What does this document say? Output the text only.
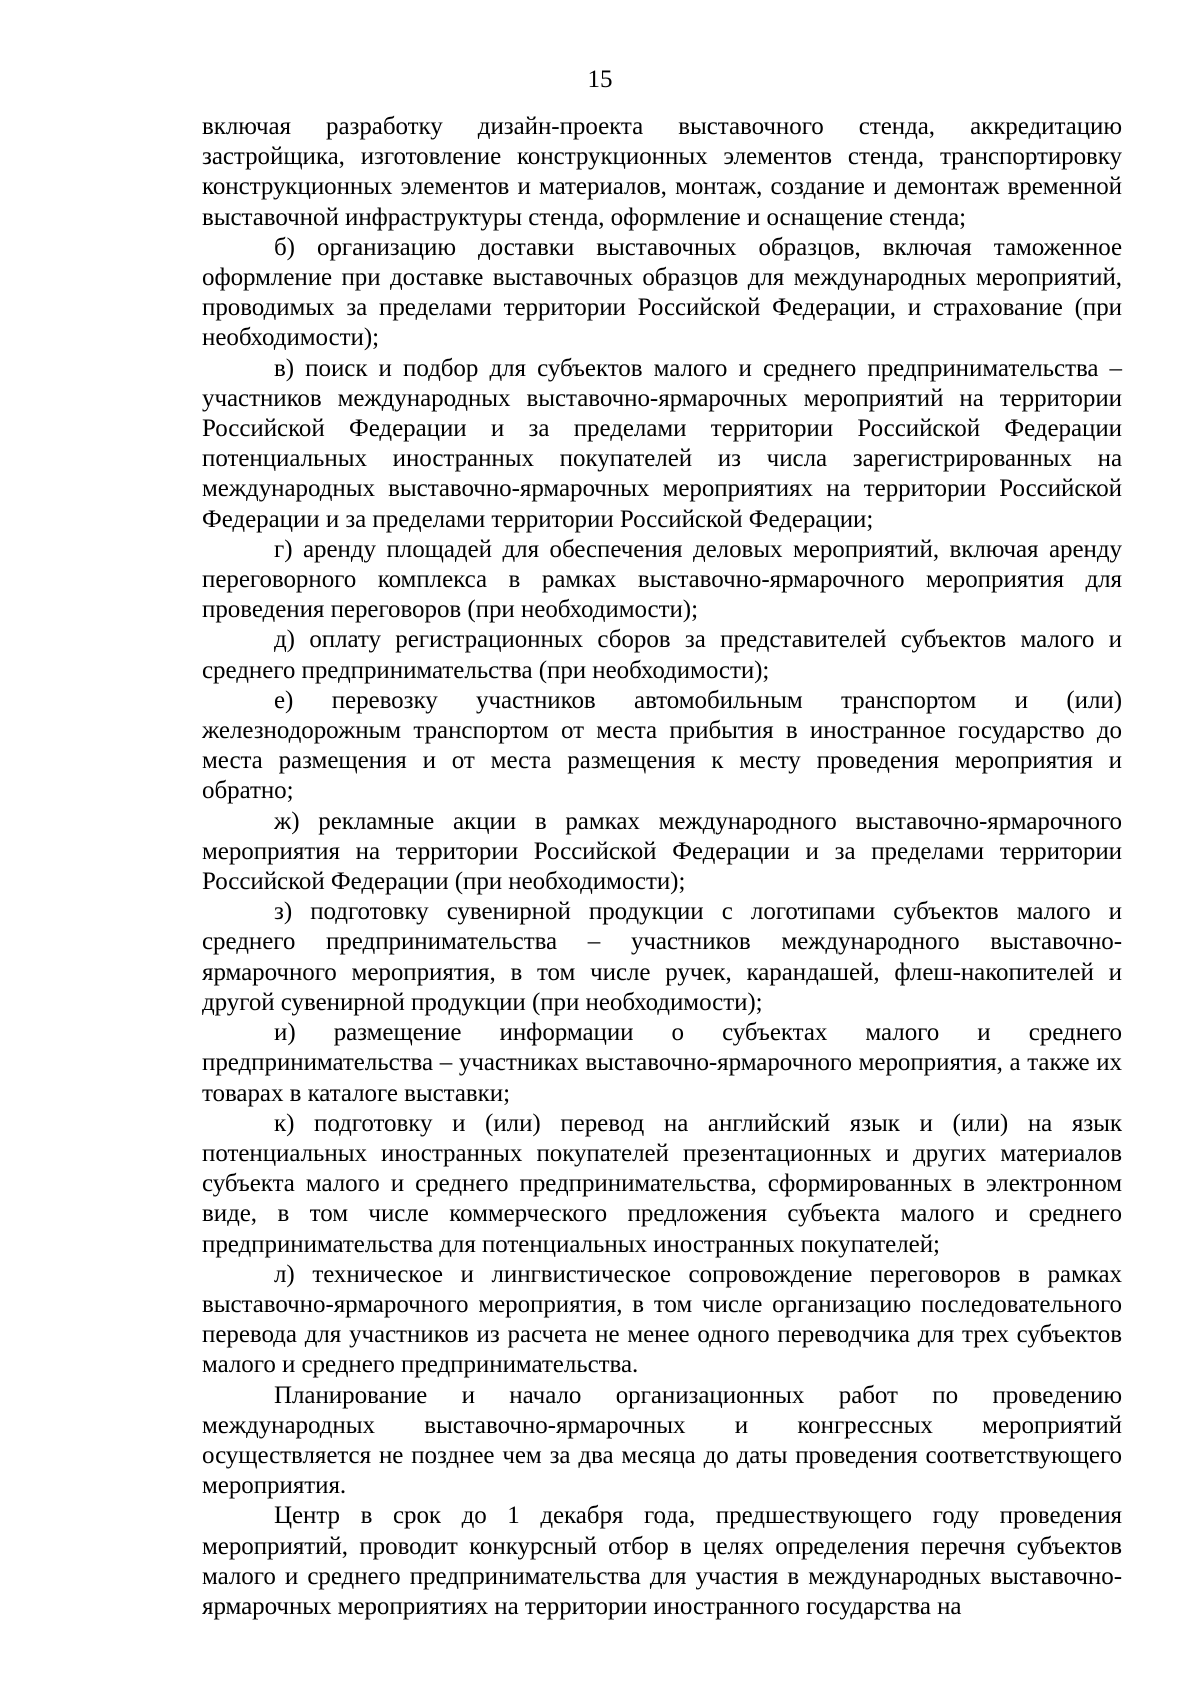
15

включая разработку дизайн-проекта выставочного стенда, аккредитацию застройщика, изготовление конструкционных элементов стенда, транспортировку конструкционных элементов и материалов, монтаж, создание и демонтаж временной выставочной инфраструктуры стенда, оформление и оснащение стенда;

б) организацию доставки выставочных образцов, включая таможенное оформление при доставке выставочных образцов для международных мероприятий, проводимых за пределами территории Российской Федерации, и страхование (при необходимости);

в) поиск и подбор для субъектов малого и среднего предпринимательства – участников международных выставочно-ярмарочных мероприятий на территории Российской Федерации и за пределами территории Российской Федерации потенциальных иностранных покупателей из числа зарегистрированных на международных выставочно-ярмарочных мероприятиях на территории Российской Федерации и за пределами территории Российской Федерации;

г) аренду площадей для обеспечения деловых мероприятий, включая аренду переговорного комплекса в рамках выставочно-ярмарочного мероприятия для проведения переговоров (при необходимости);

д) оплату регистрационных сборов за представителей субъектов малого и среднего предпринимательства (при необходимости);

е) перевозку участников автомобильным транспортом и (или) железнодорожным транспортом от места прибытия в иностранное государство до места размещения и от места размещения к месту проведения мероприятия и обратно;

ж) рекламные акции в рамках международного выставочно-ярмарочного мероприятия на территории Российской Федерации и за пределами территории Российской Федерации (при необходимости);

з) подготовку сувенирной продукции с логотипами субъектов малого и среднего предпринимательства – участников международного выставочно-ярмарочного мероприятия, в том числе ручек, карандашей, флеш-накопителей и другой сувенирной продукции (при необходимости);

и) размещение информации о субъектах малого и среднего предпринимательства – участниках выставочно-ярмарочного мероприятия, а также их товарах в каталоге выставки;

к) подготовку и (или) перевод на английский язык и (или) на язык потенциальных иностранных покупателей презентационных и других материалов субъекта малого и среднего предпринимательства, сформированных в электронном виде, в том числе коммерческого предложения субъекта малого и среднего предпринимательства для потенциальных иностранных покупателей;

л) техническое и лингвистическое сопровождение переговоров в рамках выставочно-ярмарочного мероприятия, в том числе организацию последовательного перевода для участников из расчета не менее одного переводчика для трех субъектов малого и среднего предпринимательства.

Планирование и начало организационных работ по проведению международных выставочно-ярмарочных и конгрессных мероприятий осуществляется не позднее чем за два месяца до даты проведения соответствующего мероприятия.

Центр в срок до 1 декабря года, предшествующего году проведения мероприятий, проводит конкурсный отбор в целях определения перечня субъектов малого и среднего предпринимательства для участия в международных выставочно-ярмарочных мероприятиях на территории иностранного государства на
